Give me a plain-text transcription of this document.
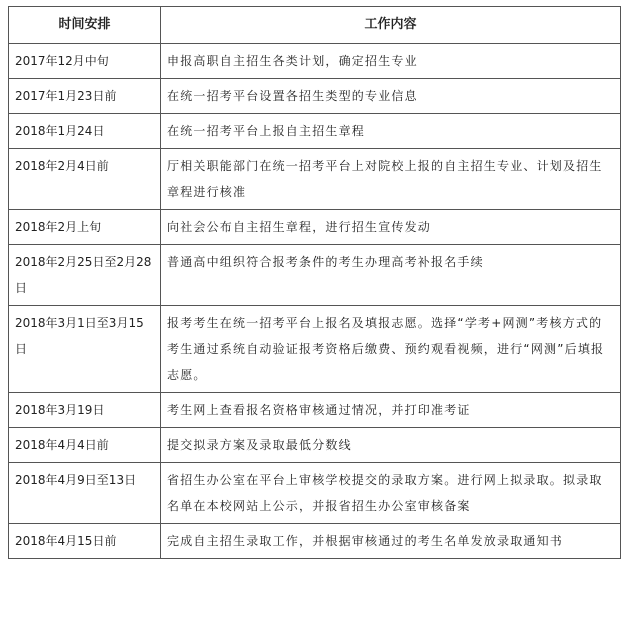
时间安排	工作内容
2017年12月中旬	申报高职自主招生各类计划，确定招生专业
2017年1月23日前	在统一招考平台设置各招生类型的专业信息
2018年1月24日	在统一招考平台上报自主招生章程
2018年2月4日前	厅相关职能部门在统一招考平台上对院校上报的自主招生专业、计划及招生章程进行核准
2018年2月上旬	向社会公布自主招生章程，进行招生宣传发动
2018年2月25日至2月28日	普通高中组织符合报考条件的考生办理高考补报名手续
2018年3月1日至3月15日	报考考生在统一招考平台上报名及填报志愿。选择“学考+网测”考核方式的考生通过系统自动验证报考资格后缴费、预约观看视频，进行“网测”后填报志愿。
2018年3月19日	考生网上查看报名资格审核通过情况，并打印准考证
2018年4月4日前	提交拟录方案及录取最低分数线
2018年4月9日至13日	省招生办公室在平台上审核学校提交的录取方案。进行网上拟录取。拟录取名单在本校网站上公示，并报省招生办公室审核备案
2018年4月15日前	完成自主招生录取工作，并根据审核通过的考生名单发放录取通知书
